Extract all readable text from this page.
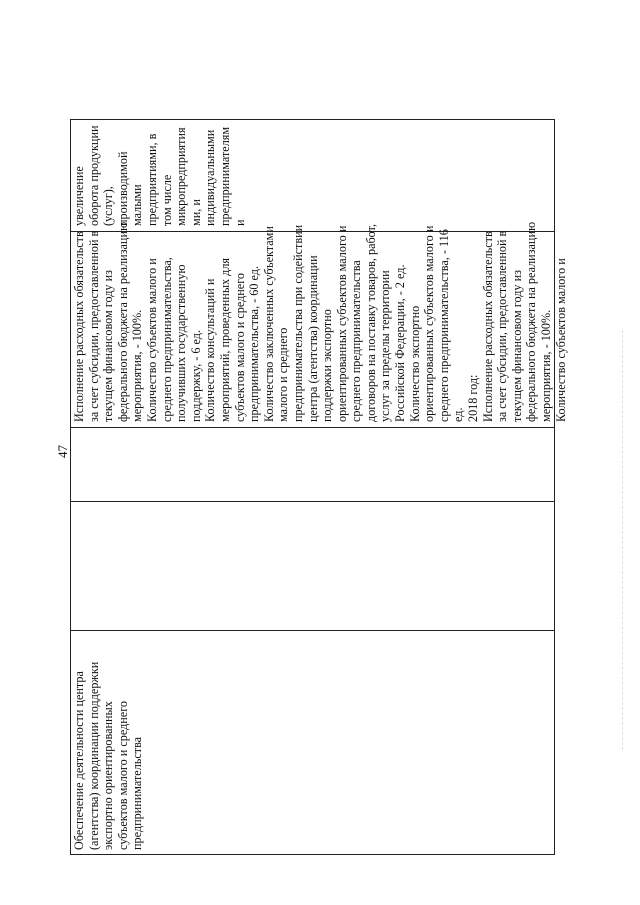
47
Обеспечение деятельности центра (агентства) координации поддержки экспортно ориентированных субъектов малого и среднего предпринимательства
Исполнение расходных обязательств за счет субсидии, предоставленной в текущем финансовом году из федерального бюджета на реализацию мероприятия, - 100%. Количество субъектов малого и среднего предпринимательства, получивших государственную поддержку, - 6 ед. Количество консультаций и мероприятий, проведенных для субъектов малого и среднего предпринимательства, - 60 ед. Количество заключенных субъектами малого и среднего предпринимательства при содействии центра (агентства) координации поддержки экспортно ориентированных субъектов малого и среднего предпринимательства договоров на поставку товаров, работ, услуг за пределы территории Российской Федерации, - 2 ед. Количество экспортно ориентированных субъектов малого и среднего предпринимательства, - 116 ед. 2018 год: Исполнение расходных обязательств за счет субсидии, предоставленной в текущем финансовом году из федерального бюджета на реализацию мероприятия, - 100%. Количество субъектов малого и
увеличение оборота продукции (услуг), производимой малыми предприятиями, в том числе микропредприятия ми, и индивидуальными предпринимателям и
